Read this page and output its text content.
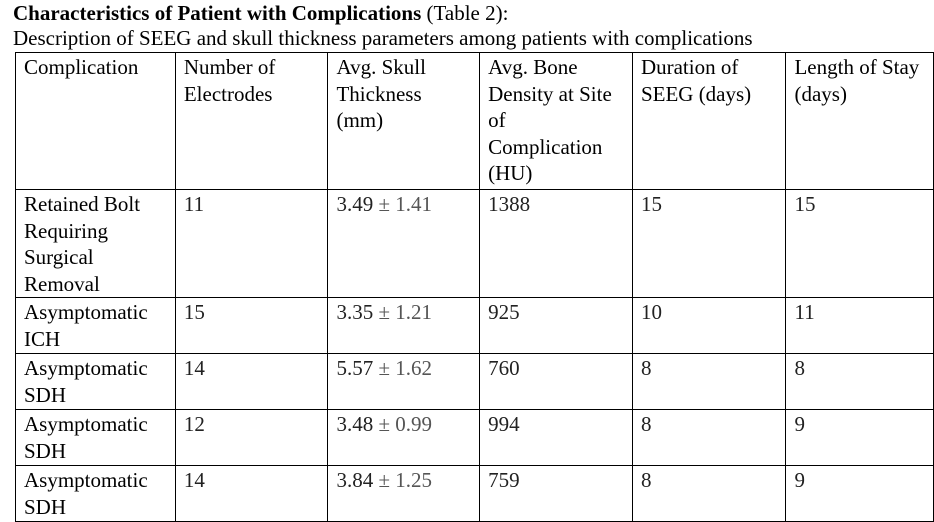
Characteristics of Patient with Complications (Table 2):
Description of SEEG and skull thickness parameters among patients with complications
Complication	Number of Electrodes	Avg. Skull Thickness (mm)	Avg. Bone Density at Site of Complication (HU)	Duration of SEEG (days)	Length of Stay (days)
Retained Bolt Requiring Surgical Removal	11	3.49 ± 1.41	1388	15	15
Asymptomatic ICH	15	3.35 ± 1.21	925	10	11
Asymptomatic SDH	14	5.57 ± 1.62	760	8	8
Asymptomatic SDH	12	3.48 ± 0.99	994	8	9
Asymptomatic SDH	14	3.84 ± 1.25	759	8	9
